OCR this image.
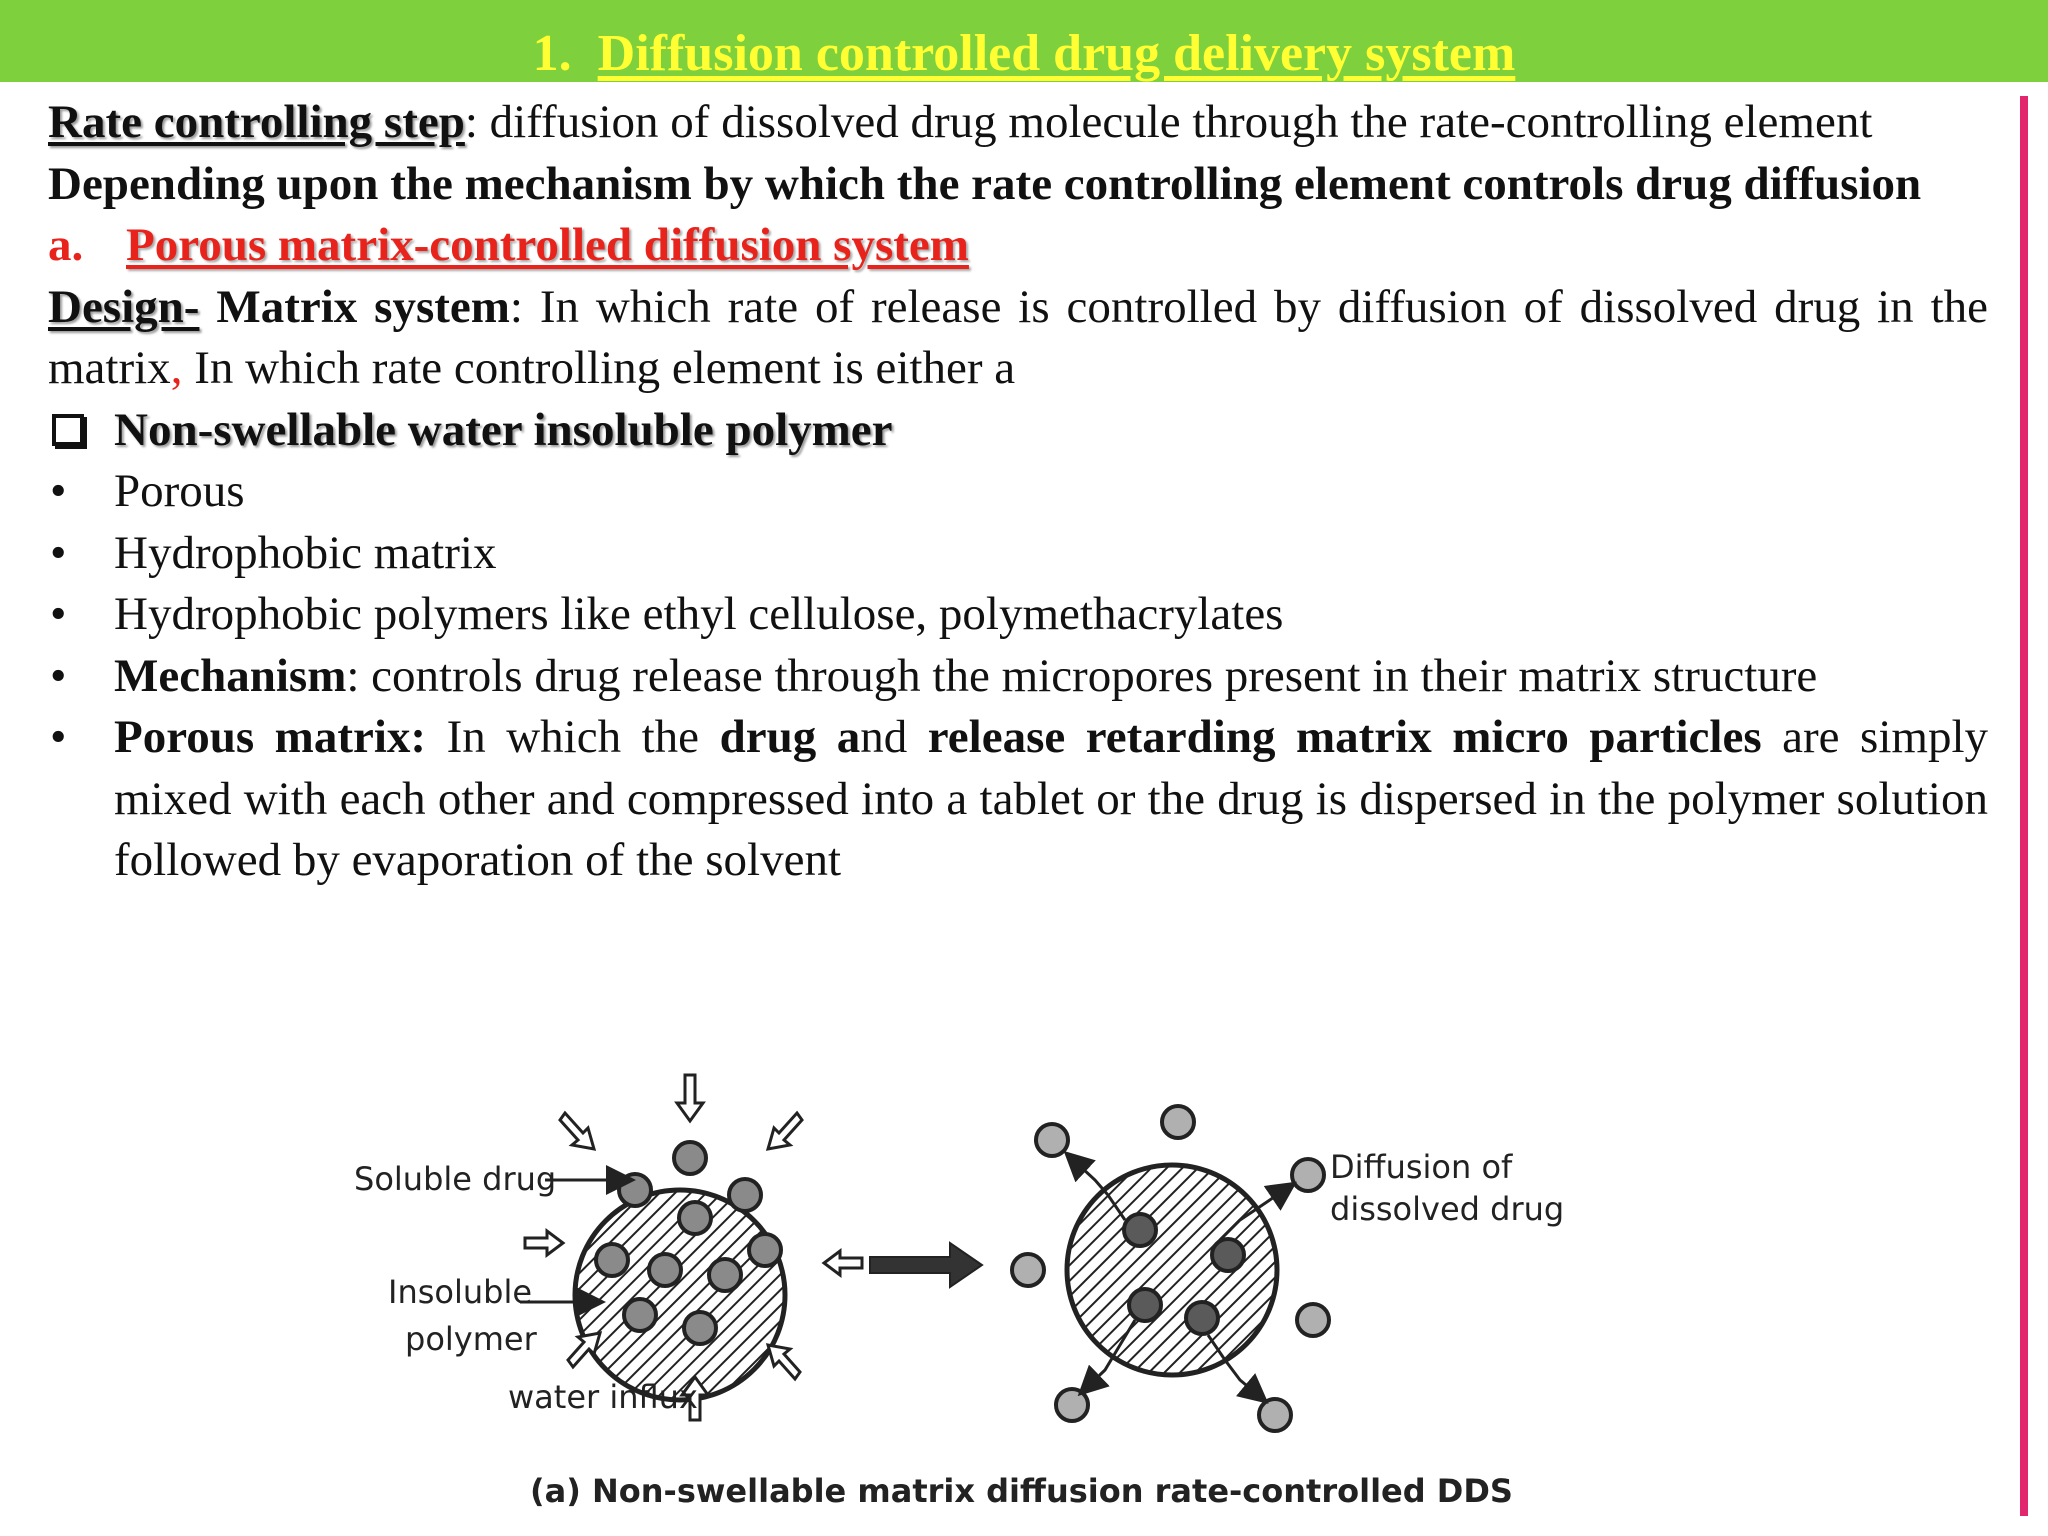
1. Diffusion controlled drug delivery system

Rate controlling step: diffusion of dissolved drug molecule through the rate-controlling element

Depending upon the mechanism by which the rate controlling element controls drug diffusion

a. Porous matrix-controlled diffusion system

Design- Matrix system: In which rate of release is controlled by diffusion of dissolved drug in the matrix, In which rate controlling element is either a

Non-swellable water insoluble polymer
•	Porous
•	Hydrophobic matrix
•	Hydrophobic polymers like ethyl cellulose, polymethacrylates
•	Mechanism: controls drug release through the micropores present in their matrix structure
•	Porous matrix: In which the drug and release retarding matrix micro particles are simply mixed with each other and compressed into a tablet or the drug is dispersed in the polymer solution followed by evaporation of the solvent
Soluble drug
Insoluble
polymer
water influx
Diffusion of
dissolved drug
(a) Non-swellable matrix diffusion rate-controlled DDS
